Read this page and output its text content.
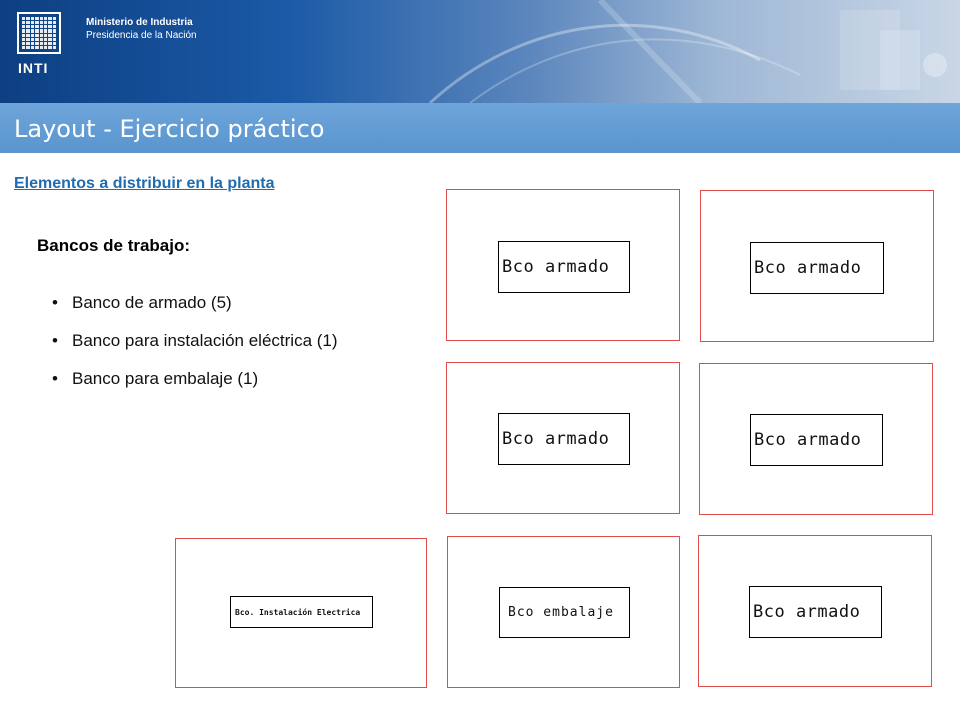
INTI
Ministerio de Industria
Presidencia de la Nación
Layout - Ejercicio práctico
Elementos a distribuir en la planta
Bancos de trabajo:
• Banco de armado (5)
• Banco para instalación eléctrica (1)
• Banco para embalaje (1)
Bco armado	Bco armado
Bco armado	Bco armado
Bco. Instalación Electrica	Bco embalaje	Bco armado
